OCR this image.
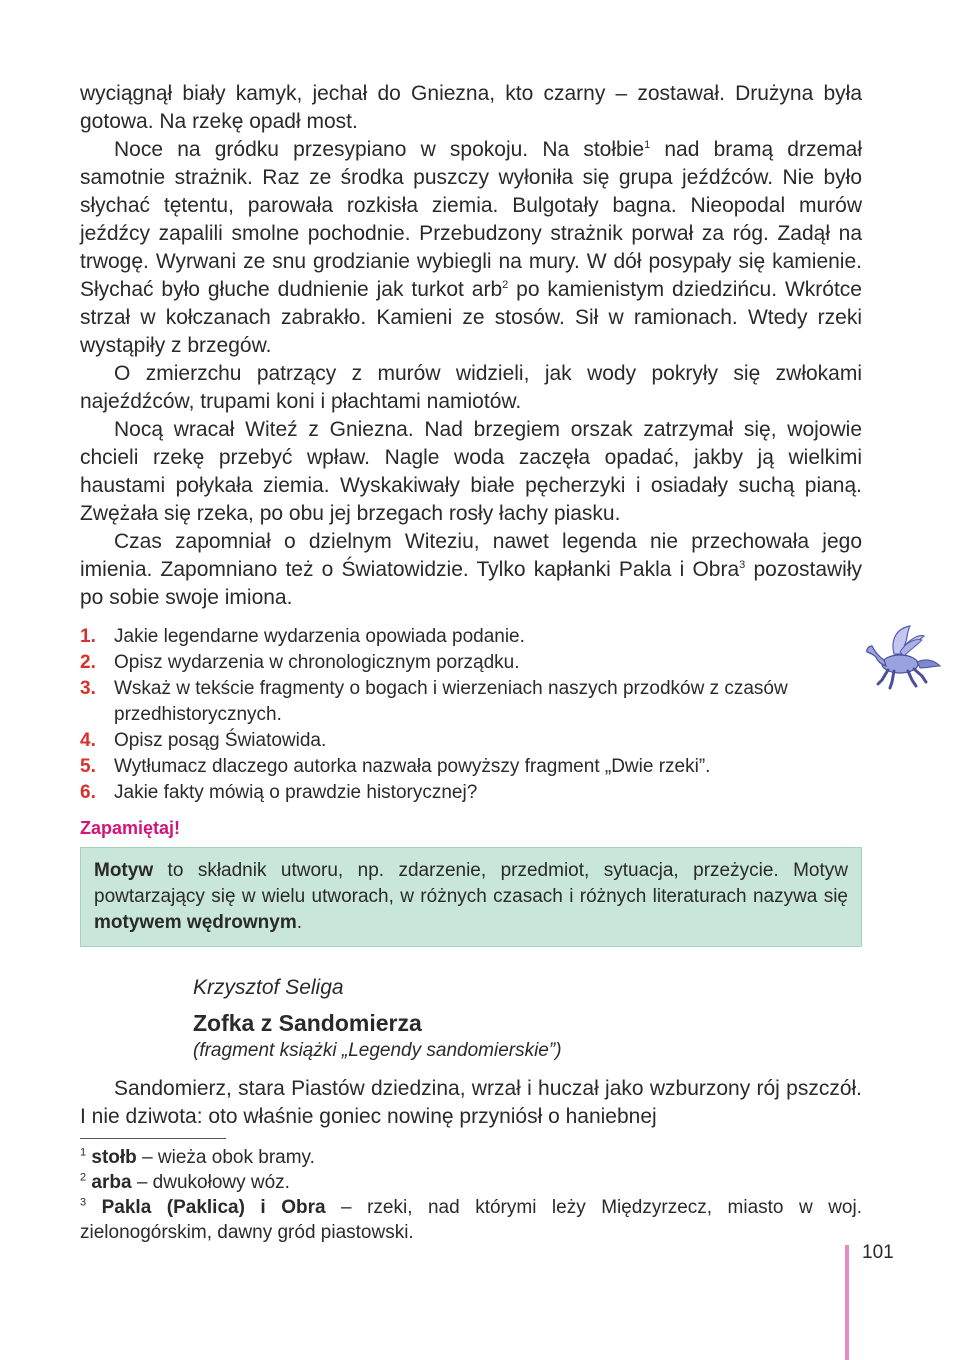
wyciągnął biały kamyk, jechał do Gniezna, kto czarny – zostawał. Drużyna była gotowa. Na rzekę opadł most.

Noce na gródku przesypiano w spokoju. Na stołbie$^1$ nad bramą drzemał samotnie strażnik. Raz ze środka puszczy wyłoniła się grupa jeźdźców. Nie było słychać tętentu, parowała rozkisła ziemia. Bulgotały bagna. Nieopodal murów jeźdźcy zapalili smolne pochodnie. Przebudzony strażnik porwał za róg. Zadął na trwogę. Wyrwani ze snu grodzianie wybiegli na mury. W dół posypały się kamienie. Słychać było głuche dudnienie jak turkot arb$^2$ po kamienistym dziedzińcu. Wkrótce strzał w kołczanach zabrakło. Kamieni ze stosów. Sił w ramionach. Wtedy rzeki wystąpiły z brzegów.

O zmierzchu patrzący z murów widzieli, jak wody pokryły się zwłokami najeźdźców, trupami koni i płachtami namiotów.

Nocą wracał Witeź z Gniezna. Nad brzegiem orszak zatrzymał się, wojowie chcieli rzekę przebyć wpław. Nagle woda zaczęła opadać, jakby ją wielkimi haustami połykała ziemia. Wyskakiwały białe pęcherzyki i osiadały suchą pianą. Zwężała się rzeka, po obu jej brzegach rosły łachy piasku.

Czas zapomniał o dzielnym Witeziu, nawet legenda nie przechowała jego imienia. Zapomniano też o Światowidzie. Tylko kapłanki Pakla i Obra$^3$ pozostawiły po sobie swoje imiona.

1. Jakie legendarne wydarzenia opowiada podanie.
2. Opisz wydarzenia w chronologicznym porządku.
3. Wskaż w tekście fragmenty o bogach i wierzeniach naszych przodków z czasów przedhistorycznych.
4. Opisz posąg Światowida.
5. Wytłumacz dlaczego autorka nazwała powyższy fragment „Dwie rzeki”.
6. Jakie fakty mówią o prawdzie historycznej?
Zapamiętaj!
Motyw to składnik utworu, np. zdarzenie, przedmiot, sytuacja, przeżycie. Motyw powtarzający się w wielu utworach, w różnych czasach i różnych literaturach nazywa się motywem wędrownym.
Krzysztof Seliga
Zofka z Sandomierza
(fragment książki „Legendy sandomierskie”)

Sandomierz, stara Piastów dziedzina, wrzał i huczał jako wzburzony rój pszczół. I nie dziwota: oto właśnie goniec nowinę przyniósł o haniebnej

$^1$ stołb – wieża obok bramy.

$^2$ arba – dwukołowy wóz.

$^3$ Pakla (Paklica) i Obra – rzeki, nad którymi leży Międzyrzecz, miasto w woj. zielonogórskim, dawny gród piastowski.

101
